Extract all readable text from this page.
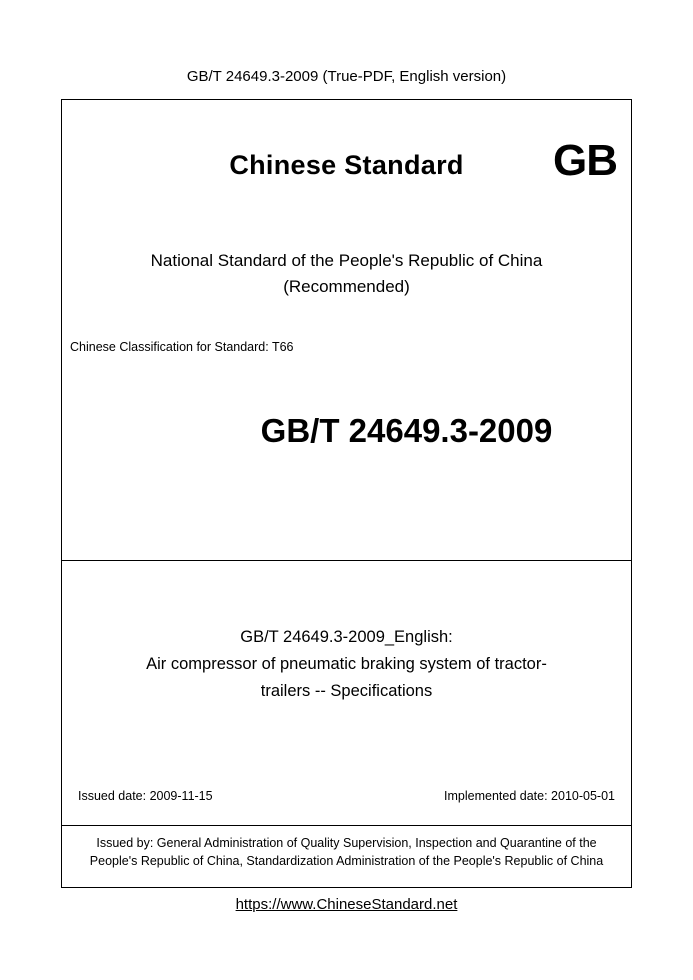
GB/T 24649.3-2009 (True-PDF, English version)
Chinese Standard	GB
National Standard of the People's Republic of China
(Recommended)
Chinese Classification for Standard: T66
GB/T 24649.3-2009
GB/T 24649.3-2009_English:
Air compressor of pneumatic braking system of tractor-
trailers -- Specifications
Issued date: 2009-11-15	Implemented date: 2010-05-01
Issued by: General Administration of Quality Supervision, Inspection and Quarantine of the People's Republic of China, Standardization Administration of the People's Republic of China
https://www.ChineseStandard.net
